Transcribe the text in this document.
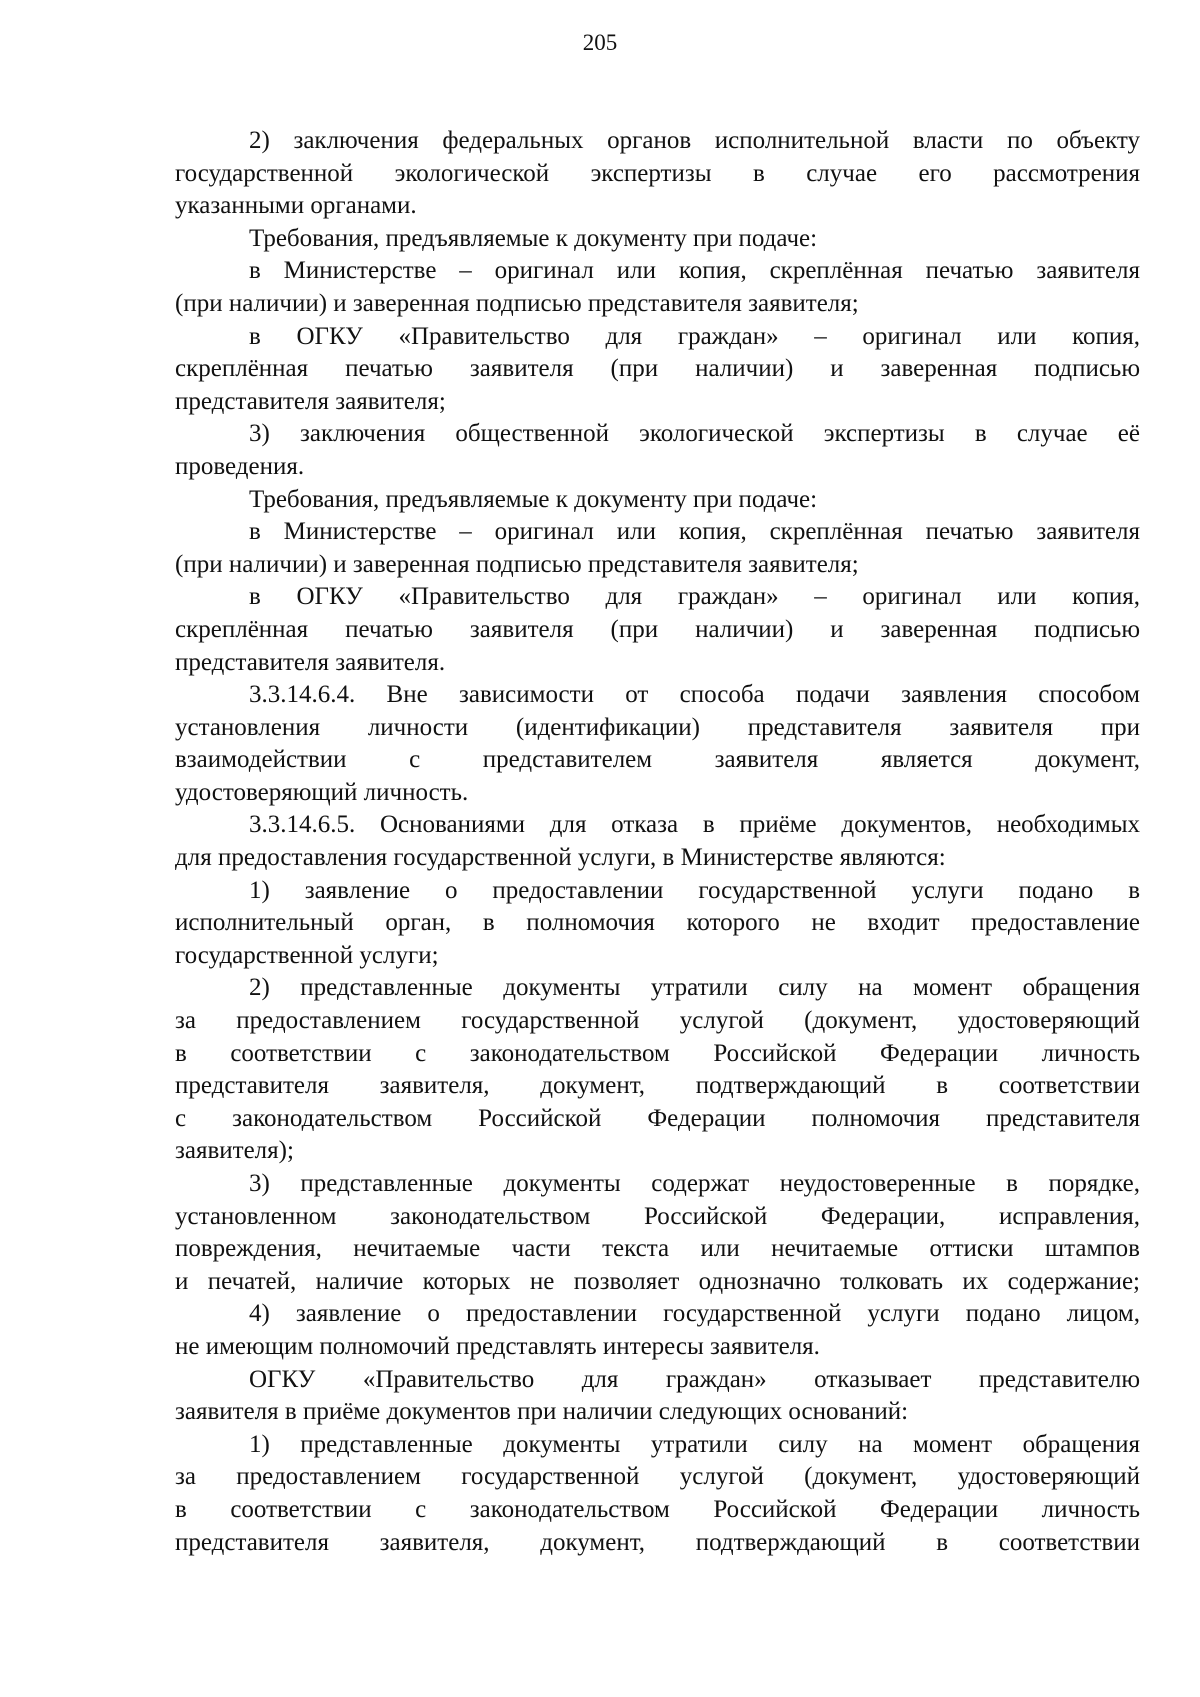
205
2) заключения федеральных органов исполнительной власти по объекту
государственной экологической экспертизы в случае его рассмотрения
указанными органами.
Требования, предъявляемые к документу при подаче:
в Министерстве – оригинал или копия, скреплённая печатью заявителя
(при наличии) и заверенная подписью представителя заявителя;
в ОГКУ «Правительство для граждан» – оригинал или копия,
скреплённая печатью заявителя (при наличии) и заверенная подписью
представителя заявителя;
3) заключения общественной экологической экспертизы в случае её
проведения.
Требования, предъявляемые к документу при подаче:
в Министерстве – оригинал или копия, скреплённая печатью заявителя
(при наличии) и заверенная подписью представителя заявителя;
в ОГКУ «Правительство для граждан» – оригинал или копия,
скреплённая печатью заявителя (при наличии) и заверенная подписью
представителя заявителя.
3.3.14.6.4. Вне зависимости от способа подачи заявления способом
установления личности (идентификации) представителя заявителя при
взаимодействии с представителем заявителя является документ,
удостоверяющий личность.
3.3.14.6.5. Основаниями для отказа в приёме документов, необходимых
для предоставления государственной услуги, в Министерстве являются:
1) заявление о предоставлении государственной услуги подано в
исполнительный орган, в полномочия которого не входит предоставление
государственной услуги;
2) представленные документы утратили силу на момент обращения
за предоставлением государственной услугой (документ, удостоверяющий
в соответствии с законодательством Российской Федерации личность
представителя заявителя, документ, подтверждающий в соответствии
с законодательством Российской Федерации полномочия представителя
заявителя);
3) представленные документы содержат неудостоверенные в порядке,
установленном законодательством Российской Федерации, исправления,
повреждения, нечитаемые части текста или нечитаемые оттиски штампов
и печатей, наличие которых не позволяет однозначно толковать их содержание;
4) заявление о предоставлении государственной услуги подано лицом,
не имеющим полномочий представлять интересы заявителя.
ОГКУ «Правительство для граждан» отказывает представителю
заявителя в приёме документов при наличии следующих оснований:
1) представленные документы утратили силу на момент обращения
за предоставлением государственной услугой (документ, удостоверяющий
в соответствии с законодательством Российской Федерации личность
представителя заявителя, документ, подтверждающий в соответствии
